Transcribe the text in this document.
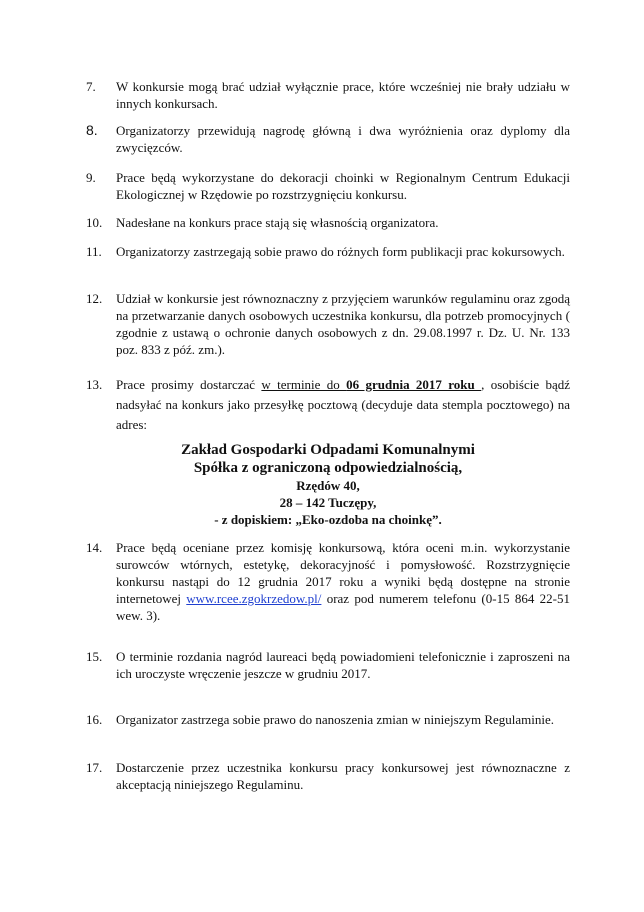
7. W konkursie mogą brać udział wyłącznie prace, które wcześniej nie brały udziału w innych konkursach.
8. Organizatorzy przewidują nagrodę główną i dwa wyróżnienia oraz dyplomy dla zwycięzców.
9. Prace będą wykorzystane do dekoracji choinki w Regionalnym Centrum Edukacji Ekologicznej w Rzędowie po rozstrzygnięciu konkursu.
10. Nadesłane na konkurs prace stają się własnością organizatora.
11. Organizatorzy zastrzegają sobie prawo do różnych form publikacji prac kokursowych.
12. Udział w konkursie jest równoznaczny z przyjęciem warunków regulaminu oraz zgodą na przetwarzanie danych osobowych uczestnika konkursu, dla potrzeb promocyjnych ( zgodnie z ustawą o ochronie danych osobowych z dn. 29.08.1997 r. Dz. U. Nr. 133 poz. 833 z póź. zm.).
13. Prace prosimy dostarczać w terminie do 06 grudnia 2017 roku , osobiście bądź nadsyłać na konkurs jako przesyłkę pocztową (decyduje data stempla pocztowego) na adres:
Zakład Gospodarki Odpadami Komunalnymi
Spółka z ograniczoną odpowiedzialnością,
Rzędów 40,
28 – 142 Tuczępy,
- z dopiskiem: „Eko-ozdoba na choinkę”.
14. Prace będą oceniane przez komisję konkursową, która oceni m.in. wykorzystanie surowców wtórnych, estetykę, dekoracyjność i pomysłowość. Rozstrzygnięcie konkursu nastąpi do 12 grudnia 2017 roku a wyniki będą dostępne na stronie internetowej www.rcee.zgokrzedow.pl/ oraz pod numerem telefonu (0-15 864 22-51 wew. 3).
15. O terminie rozdania nagród laureaci będą powiadomieni telefonicznie i zaproszeni na ich uroczyste wręczenie jeszcze w grudniu 2017.
16. Organizator zastrzega sobie prawo do nanoszenia zmian w niniejszym Regulaminie.
17. Dostarczenie przez uczestnika konkursu pracy konkursowej jest równoznaczne z akceptacją niniejszego Regulaminu.
